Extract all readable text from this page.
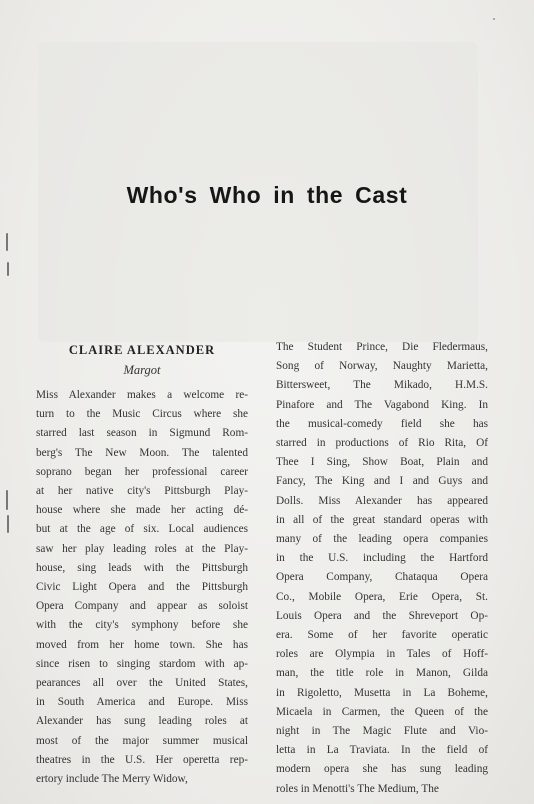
Who's Who in the Cast
CLAIRE ALEXANDER
Margot
Miss Alexander makes a welcome re-
turn to the Music Circus where she
starred last season in Sigmund Rom-
berg's The New Moon. The talented
soprano began her professional career
at her native city's Pittsburgh Play-
house where she made her acting dé-
but at the age of six. Local audiences
saw her play leading roles at the Play-
house, sing leads with the Pittsburgh
Civic Light Opera and the Pittsburgh
Opera Company and appear as soloist
with the city's symphony before she
moved from her home town. She has
since risen to singing stardom with ap-
pearances all over the United States,
in South America and Europe. Miss
Alexander has sung leading roles at
most of the major summer musical
theatres in the U.S. Her operetta rep-
ertory include The Merry Widow,
The Student Prince, Die Fledermaus,
Song of Norway, Naughty Marietta,
Bittersweet, The Mikado, H.M.S.
Pinafore and The Vagabond King. In
the musical-comedy field she has
starred in productions of Rio Rita, Of
Thee I Sing, Show Boat, Plain and
Fancy, The King and I and Guys and
Dolls. Miss Alexander has appeared
in all of the great standard operas with
many of the leading opera companies
in the U.S. including the Hartford
Opera Company, Chataqua Opera
Co., Mobile Opera, Erie Opera, St.
Louis Opera and the Shreveport Op-
era. Some of her favorite operatic
roles are Olympia in Tales of Hoff-
man, the title role in Manon, Gilda
in Rigoletto, Musetta in La Boheme,
Micaela in Carmen, the Queen of the
night in The Magic Flute and Vio-
letta in La Traviata. In the field of
modern opera she has sung leading
roles in Menotti's The Medium, The
